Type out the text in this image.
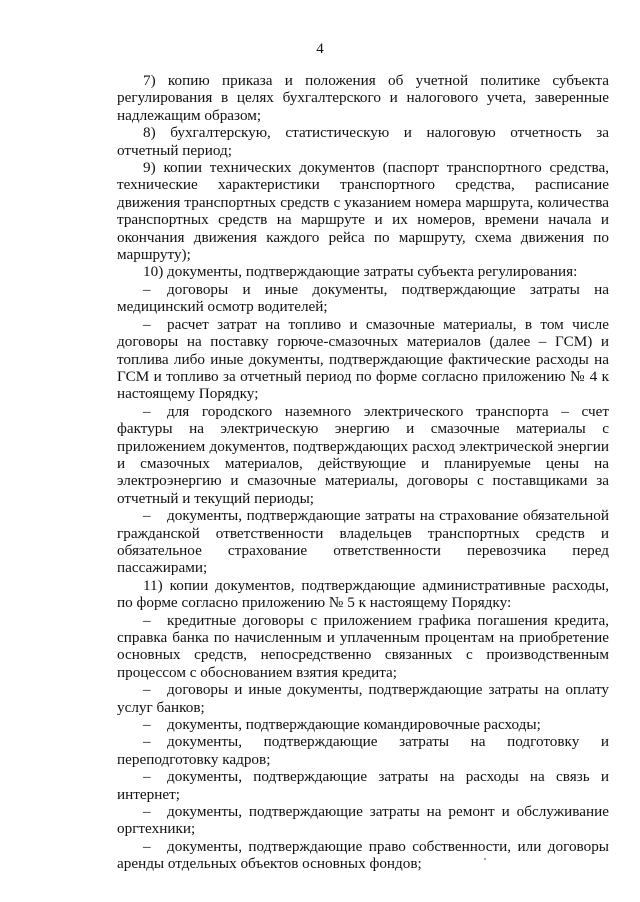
4

7) копию приказа и положения об учетной политике субъекта регулирования в целях бухгалтерского и налогового учета, заверенные надлежащим образом;

8) бухгалтерскую, статистическую и налоговую отчетность за отчетный период;

9) копии технических документов (паспорт транспортного средства, технические характеристики транспортного средства, расписание движения транспортных средств с указанием номера маршрута, количества транспортных средств на маршруте и их номеров, времени начала и окончания движения каждого рейса по маршруту, схема движения по маршруту);

10) документы, подтверждающие затраты субъекта регулирования:

– договоры и иные документы, подтверждающие затраты на медицинский осмотр водителей;

– расчет затрат на топливо и смазочные материалы, в том числе договоры на поставку горюче-смазочных материалов (далее – ГСМ) и топлива либо иные документы, подтверждающие фактические расходы на ГСМ и топливо за отчетный период по форме согласно приложению № 4 к настоящему Порядку;

– для городского наземного электрического транспорта – счет фактуры на электрическую энергию и смазочные материалы с приложением документов, подтверждающих расход электрической энергии и смазочных материалов, действующие и планируемые цены на электроэнергию и смазочные материалы, договоры с поставщиками за отчетный и текущий периоды;

– документы, подтверждающие затраты на страхование обязательной гражданской ответственности владельцев транспортных средств и обязательное страхование ответственности перевозчика перед пассажирами;

11) копии документов, подтверждающие административные расходы, по форме согласно приложению № 5 к настоящему Порядку:

– кредитные договоры с приложением графика погашения кредита, справка банка по начисленным и уплаченным процентам на приобретение основных средств, непосредственно связанных с производственным процессом с обоснованием взятия кредита;

– договоры и иные документы, подтверждающие затраты на оплату услуг банков;

– документы, подтверждающие командировочные расходы;

– документы, подтверждающие затраты на подготовку и переподготовку кадров;

– документы, подтверждающие затраты на расходы на связь и интернет;

– документы, подтверждающие затраты на ремонт и обслуживание оргтехники;

– документы, подтверждающие право собственности, или договоры аренды отдельных объектов основных фондов;
